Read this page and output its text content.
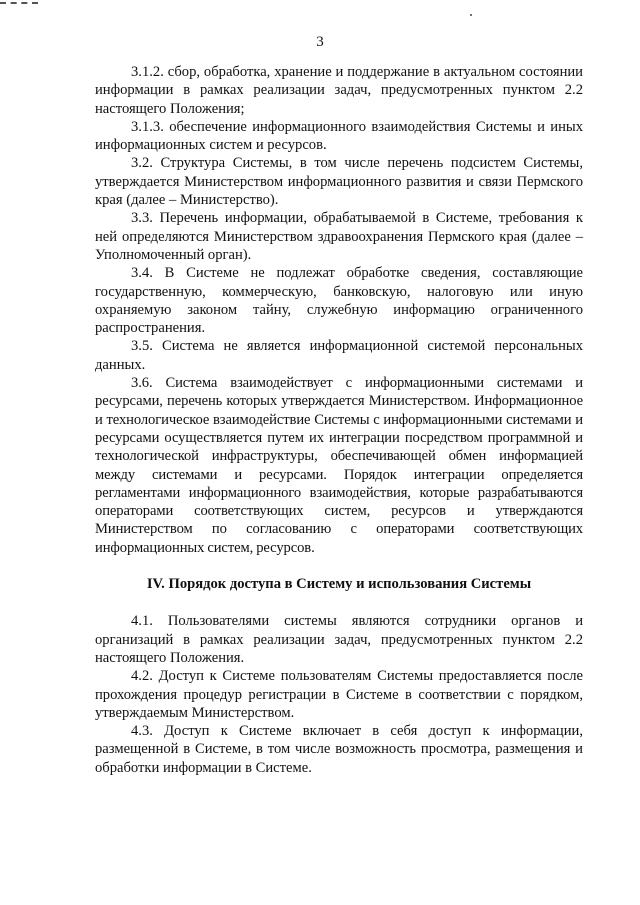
3

3.1.2. сбор, обработка, хранение и поддержание в актуальном состоянии информации в рамках реализации задач, предусмотренных пунктом 2.2 настоящего Положения;

3.1.3. обеспечение информационного взаимодействия Системы и иных информационных систем и ресурсов.

3.2. Структура Системы, в том числе перечень подсистем Системы, утверждается Министерством информационного развития и связи Пермского края (далее – Министерство).

3.3. Перечень информации, обрабатываемой в Системе, требования к ней определяются Министерством здравоохранения Пермского края (далее – Уполномоченный орган).

3.4. В Системе не подлежат обработке сведения, составляющие государственную, коммерческую, банковскую, налоговую или иную охраняемую законом тайну, служебную информацию ограниченного распространения.

3.5. Система не является информационной системой персональных данных.

3.6. Система взаимодействует с информационными системами и ресурсами, перечень которых утверждается Министерством. Информационное и технологическое взаимодействие Системы с информационными системами и ресурсами осуществляется путем их интеграции посредством программной и технологической инфраструктуры, обеспечивающей обмен информацией между системами и ресурсами. Порядок интеграции определяется регламентами информационного взаимодействия, которые разрабатываются операторами соответствующих систем, ресурсов и утверждаются Министерством по согласованию с операторами соответствующих информационных систем, ресурсов.

IV. Порядок доступа в Систему и использования Системы

4.1. Пользователями системы являются сотрудники органов и организаций в рамках реализации задач, предусмотренных пунктом 2.2 настоящего Положения.

4.2. Доступ к Системе пользователям Системы предоставляется после прохождения процедур регистрации в Системе в соответствии с порядком, утверждаемым Министерством.

4.3. Доступ к Системе включает в себя доступ к информации, размещенной в Системе, в том числе возможность просмотра, размещения и обработки информации в Системе.
